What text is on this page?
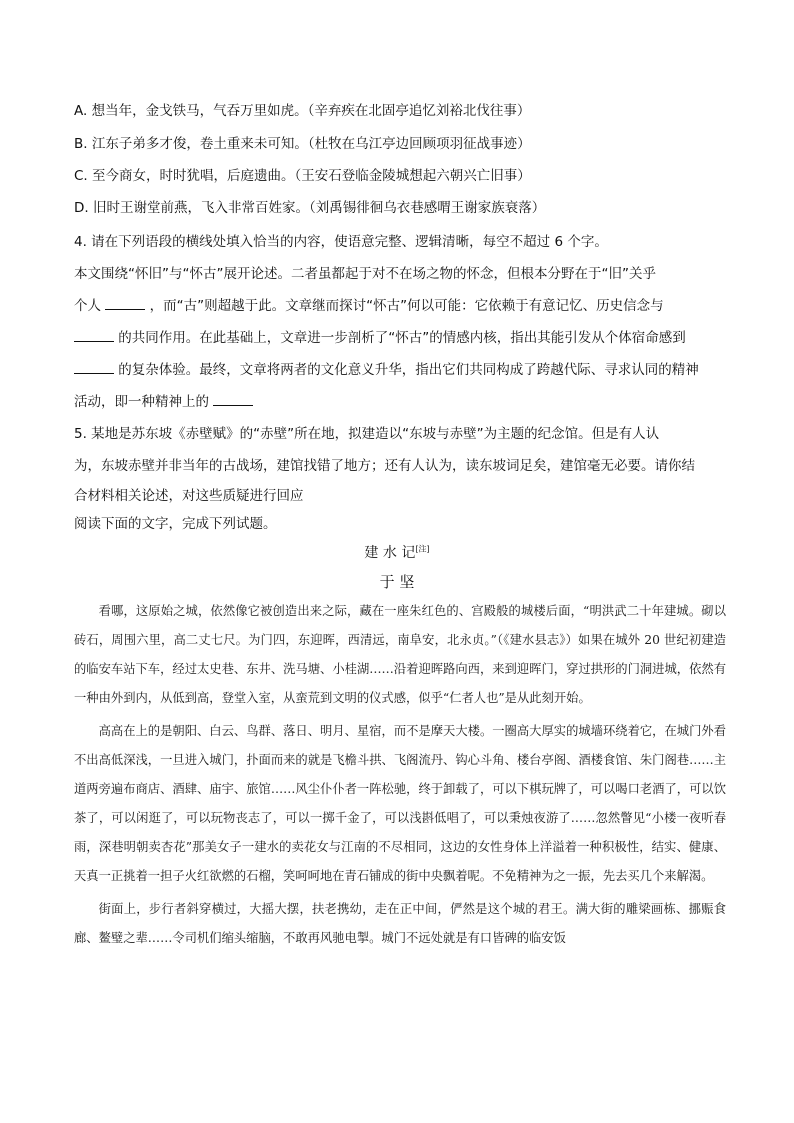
A. 想当年，金戈铁马，气吞万里如虎。（辛弃疾在北固亭追忆刘裕北伐往事）
B. 江东子弟多才俊，卷土重来未可知。（杜牧在乌江亭边回顾项羽征战事迹）
C. 至今商女，时时犹唱，后庭遗曲。（王安石登临金陵城想起六朝兴亡旧事）
D. 旧时王谢堂前燕，飞入非常百姓家。（刘禹锡徘徊乌衣巷感喟王谢家族衰落）
4. 请在下列语段的横线处填入恰当的内容，使语意完整、逻辑清晰，每空不超过 6 个字。
本文围绕“怀旧”与“怀古”展开论述。二者虽都起于对不在场之物的怀念，但根本分野在于“旧”关乎
个人	，而“古”则超越于此。文章继而探讨“怀古”何以可能：它依赖于有意记忆、历史信念与
的共同作用。在此基础上，文章进一步剖析了“怀古”的情感内核，指出其能引发从个体宿命感到
的复杂体验。最终，文章将两者的文化意义升华，指出它们共同构成了跨越代际、寻求认同的精神
活动，即一种精神上的
5. 某地是苏东坡《赤壁赋》的“赤壁”所在地，拟建造以“东坡与赤壁”为主题的纪念馆。但是有人认
为，东坡赤壁并非当年的古战场，建馆找错了地方；还有人认为，读东坡词足矣，建馆毫无必要。请你结
合材料相关论述，对这些质疑进行回应
阅读下面的文字，完成下列试题。
建 水 记[注]
于 坚

看哪，这原始之城，依然像它被创造出来之际，藏在一座朱红色的、宫殿般的城楼后面，“明洪武二十年建城。砌以砖石，周围六里，高二丈七尺。为门四，东迎晖，西清远，南阜安，北永贞。”（《建水县志》）如果在城外 20 世纪初建造的临安车站下车，经过太史巷、东井、洗马塘、小桂湖……沿着迎晖路向西，来到迎晖门，穿过拱形的门洞进城，依然有一种由外到内，从低到高，登堂入室，从蛮荒到文明的仪式感，似乎“仁者人也”是从此刻开始。

高高在上的是朝阳、白云、鸟群、落日、明月、星宿，而不是摩天大楼。一圈高大厚实的城墙环绕着它，在城门外看不出高低深浅，一旦进入城门，扑面而来的就是飞檐斗拱、飞阁流丹、钩心斗角、楼台亭阁、酒楼食馆、朱门阁巷……主道两旁遍布商店、酒肆、庙宇、旅馆……风尘仆仆者一阵松驰，终于卸载了，可以下棋玩牌了，可以喝口老酒了，可以饮茶了，可以闲逛了，可以玩物丧志了，可以一掷千金了，可以浅斟低唱了，可以秉烛夜游了……忽然瞥见“小楼一夜听春雨，深巷明朝卖杏花”那美女子一建水的卖花女与江南的不尽相同，这边的女性身体上洋溢着一种积极性，结实、健康、天真一正挑着一担子火红欲燃的石榴，笑呵呵地在青石铺成的街中央飘着呢。不免精神为之一振，先去买几个来解渴。

街面上，步行者斜穿横过，大摇大摆，扶老携幼，走在正中间，俨然是这个城的君王。满大街的雕梁画栋、挪赈食廊、鳌璧之辈……令司机们缩头缩脑，不敢再风驰电掣。城门不远处就是有口皆碑的临安饭
